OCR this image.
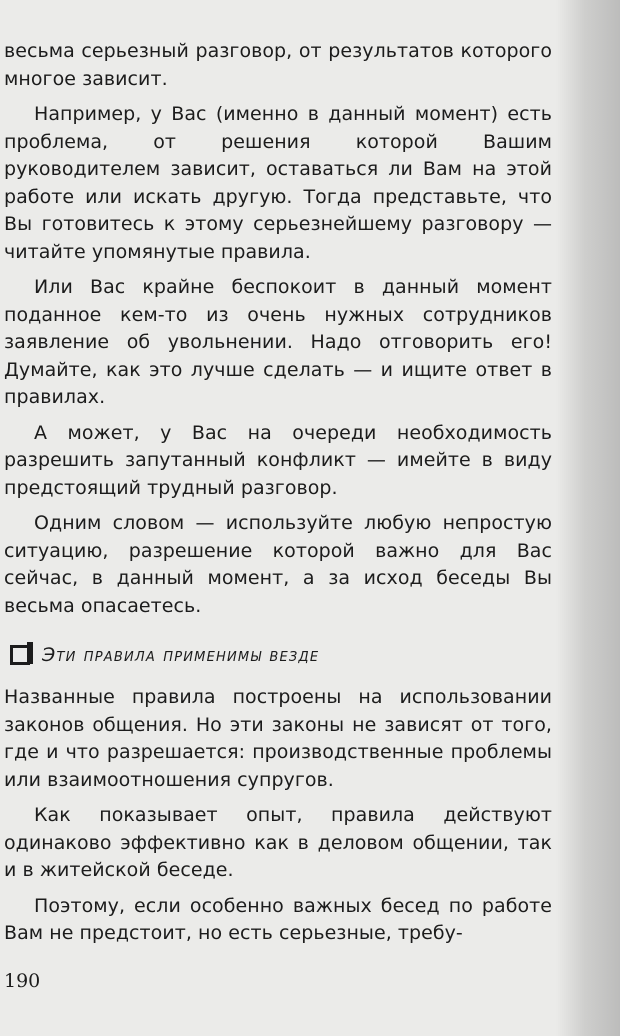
весьма серьезный разговор, от результатов которого многое зависит.

Например, у Вас (именно в данный момент) есть проблема, от решения которой Вашим руководителем зависит, оставаться ли Вам на этой работе или искать другую. Тогда представьте, что Вы готовитесь к этому серьезнейшему разговору — читайте упомянутые правила.

Или Вас крайне беспокоит в данный момент поданное кем-то из очень нужных сотрудников заявление об увольнении. Надо отговорить его! Думайте, как это лучше сделать — и ищите ответ в правилах.

А может, у Вас на очереди необходимость разрешить запутанный конфликт — имейте в виду предстоящий трудный разговор.

Одним словом — используйте любую непростую ситуацию, разрешение которой важно для Вас сейчас, в данный момент, а за исход беседы Вы весьма опасаетесь.

Эти правила применимы везде

Названные правила построены на использовании законов общения. Но эти законы не зависят от того, где и что разрешается: производственные проблемы или взаимоотношения супругов.

Как показывает опыт, правила действуют одинаково эффективно как в деловом общении, так и в житейской беседе.

Поэтому, если особенно важных бесед по работе Вам не предстоит, но есть серьезные, требу-

190
